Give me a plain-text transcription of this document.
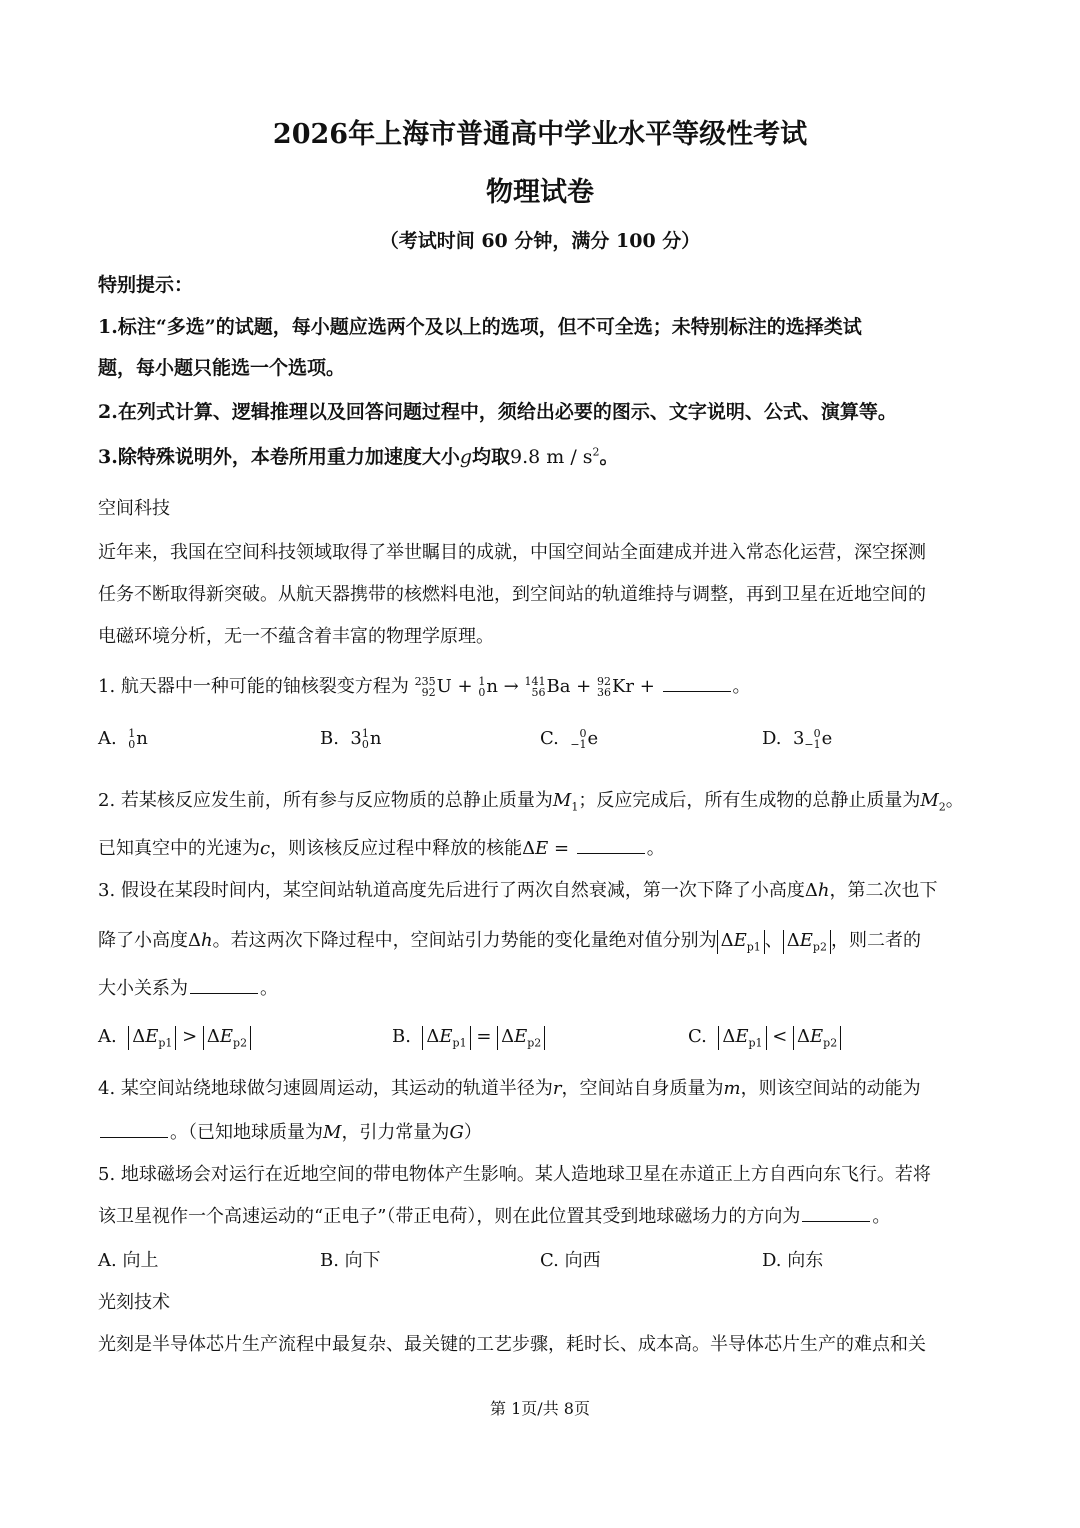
2026年上海市普通高中学业水平等级性考试
物理试卷
（考试时间 60 分钟，满分 100 分）
特别提示：
1.标注“多选”的试题，每小题应选两个及以上的选项，但不可全选；未特别标注的选择类试
题，每小题只能选一个选项。
2.在列式计算、逻辑推理以及回答问题过程中，须给出必要的图示、文字说明、公式、演算等。
3.除特殊说明外，本卷所用重力加速度大小g均取9.8 m / $s^2$。
空间科技
近年来，我国在空间科技领域取得了举世瞩目的成就，中国空间站全面建成并进入常态化运营，深空探测
任务不断取得新突破。从航天器携带的核燃料电池，到空间站的轨道维持与调整，再到卫星在近地空间的
电磁环境分析，无一不蕴含着丰富的物理学原理。
1. 航天器中一种可能的铀核裂变方程为 235
92 U + 1
0 n → 141
56 Ba + 92
36 Kr +	。
A. 1
0 n	B.  3 1
0 n	C. 0
−1 e	D.  3 0
−1 e
2. 若某核反应发生前，所有参与反应物质的总静止质量为$M_1$；反应完成后，所有生成物的总静止质量为$M_2$。
已知真空中的光速为c，则该核反应过程中释放的核能ΔE =	。
3. 假设在某段时间内，某空间站轨道高度先后进行了两次自然衰减，第一次下降了小高度Δh，第二次也下
降了小高度Δh。若这两次下降过程中，空间站引力势能的变化量绝对值分别为 $\Delta E_{p1}$ 、 $\Delta E_{p2}$ ，则二者的
大小关系为	。
A. $\Delta E_{p1} > \Delta E_{p2}$	B. $\Delta E_{p1} = \Delta E_{p2}$	C. $\Delta E_{p1} < \Delta E_{p2}$
4. 某空间站绕地球做匀速圆周运动，其运动的轨道半径为r，空间站自身质量为m，则该空间站的动能为
。（已知地球质量为M，引力常量为G）
5. 地球磁场会对运行在近地空间的带电物体产生影响。某人造地球卫星在赤道正上方自西向东飞行。若将
该卫星视作一个高速运动的“正电子”（带正电荷），则在此位置其受到地球磁场力的方向为	。
A. 向上	B. 向下	C. 向西	D. 向东
光刻技术
光刻是半导体芯片生产流程中最复杂、最关键的工艺步骤，耗时长、成本高。半导体芯片生产的难点和关
第 1页/共 8页
